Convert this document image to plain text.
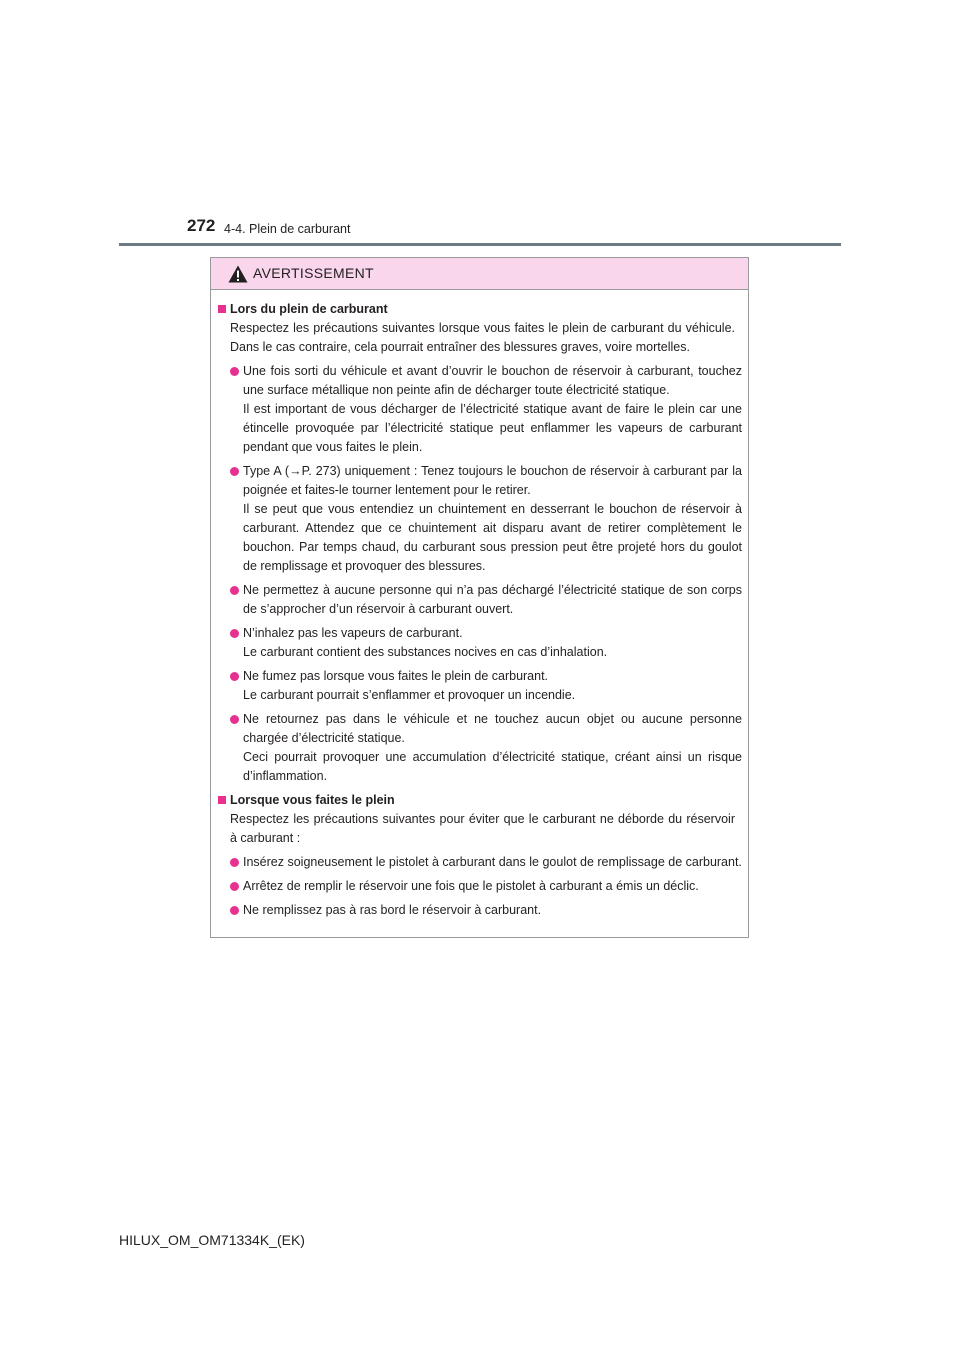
272 4-4. Plein de carburant
AVERTISSEMENT
Lors du plein de carburant

Respectez les précautions suivantes lorsque vous faites le plein de carburant du véhicule. Dans le cas contraire, cela pourrait entraîner des blessures graves, voire mortelles.

Une fois sorti du véhicule et avant d’ouvrir le bouchon de réservoir à carburant, touchez une surface métallique non peinte afin de décharger toute électricité statique.

Il est important de vous décharger de l’électricité statique avant de faire le plein car une étincelle provoquée par l’électricité statique peut enflammer les vapeurs de carburant pendant que vous faites le plein.

Type A (→P. 273) uniquement : Tenez toujours le bouchon de réservoir à carburant par la poignée et faites-le tourner lentement pour le retirer.

Il se peut que vous entendiez un chuintement en desserrant le bouchon de réservoir à carburant. Attendez que ce chuintement ait disparu avant de retirer complètement le bouchon. Par temps chaud, du carburant sous pression peut être projeté hors du goulot de remplissage et provoquer des blessures.

Ne permettez à aucune personne qui n’a pas déchargé l’électricité statique de son corps de s’approcher d’un réservoir à carburant ouvert.

N’inhalez pas les vapeurs de carburant.

Le carburant contient des substances nocives en cas d’inhalation.

Ne fumez pas lorsque vous faites le plein de carburant.

Le carburant pourrait s’enflammer et provoquer un incendie.

Ne retournez pas dans le véhicule et ne touchez aucun objet ou aucune personne chargée d’électricité statique.

Ceci pourrait provoquer une accumulation d’électricité statique, créant ainsi un risque d’inflammation.

Lorsque vous faites le plein

Respectez les précautions suivantes pour éviter que le carburant ne déborde du réservoir à carburant :

Insérez soigneusement le pistolet à carburant dans le goulot de remplissage de carburant.

Arrêtez de remplir le réservoir une fois que le pistolet à carburant a émis un déclic.

Ne remplissez pas à ras bord le réservoir à carburant.

HILUX_OM_OM71334K_(EK)
